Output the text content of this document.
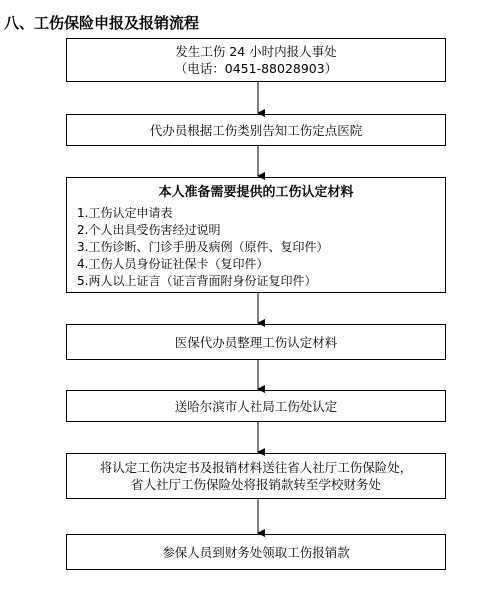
八、工伤保险申报及报销流程
发生工伤 24 小时内报人事处
（电话：0451-88028903）
代办员根据工伤类别告知工伤定点医院
本人准备需要提供的工伤认定材料
1.工伤认定申请表
2.个人出具受伤害经过说明
3.工伤诊断、门诊手册及病例（原件、复印件）
4.工伤人员身份证社保卡（复印件）
5.两人以上证言（证言背面附身份证复印件）
医保代办员整理工伤认定材料
送哈尔滨市人社局工伤处认定
将认定工伤决定书及报销材料送往省人社厅工伤保险处，
省人社厅工伤保险处将报销款转至学校财务处
参保人员到财务处领取工伤报销款
